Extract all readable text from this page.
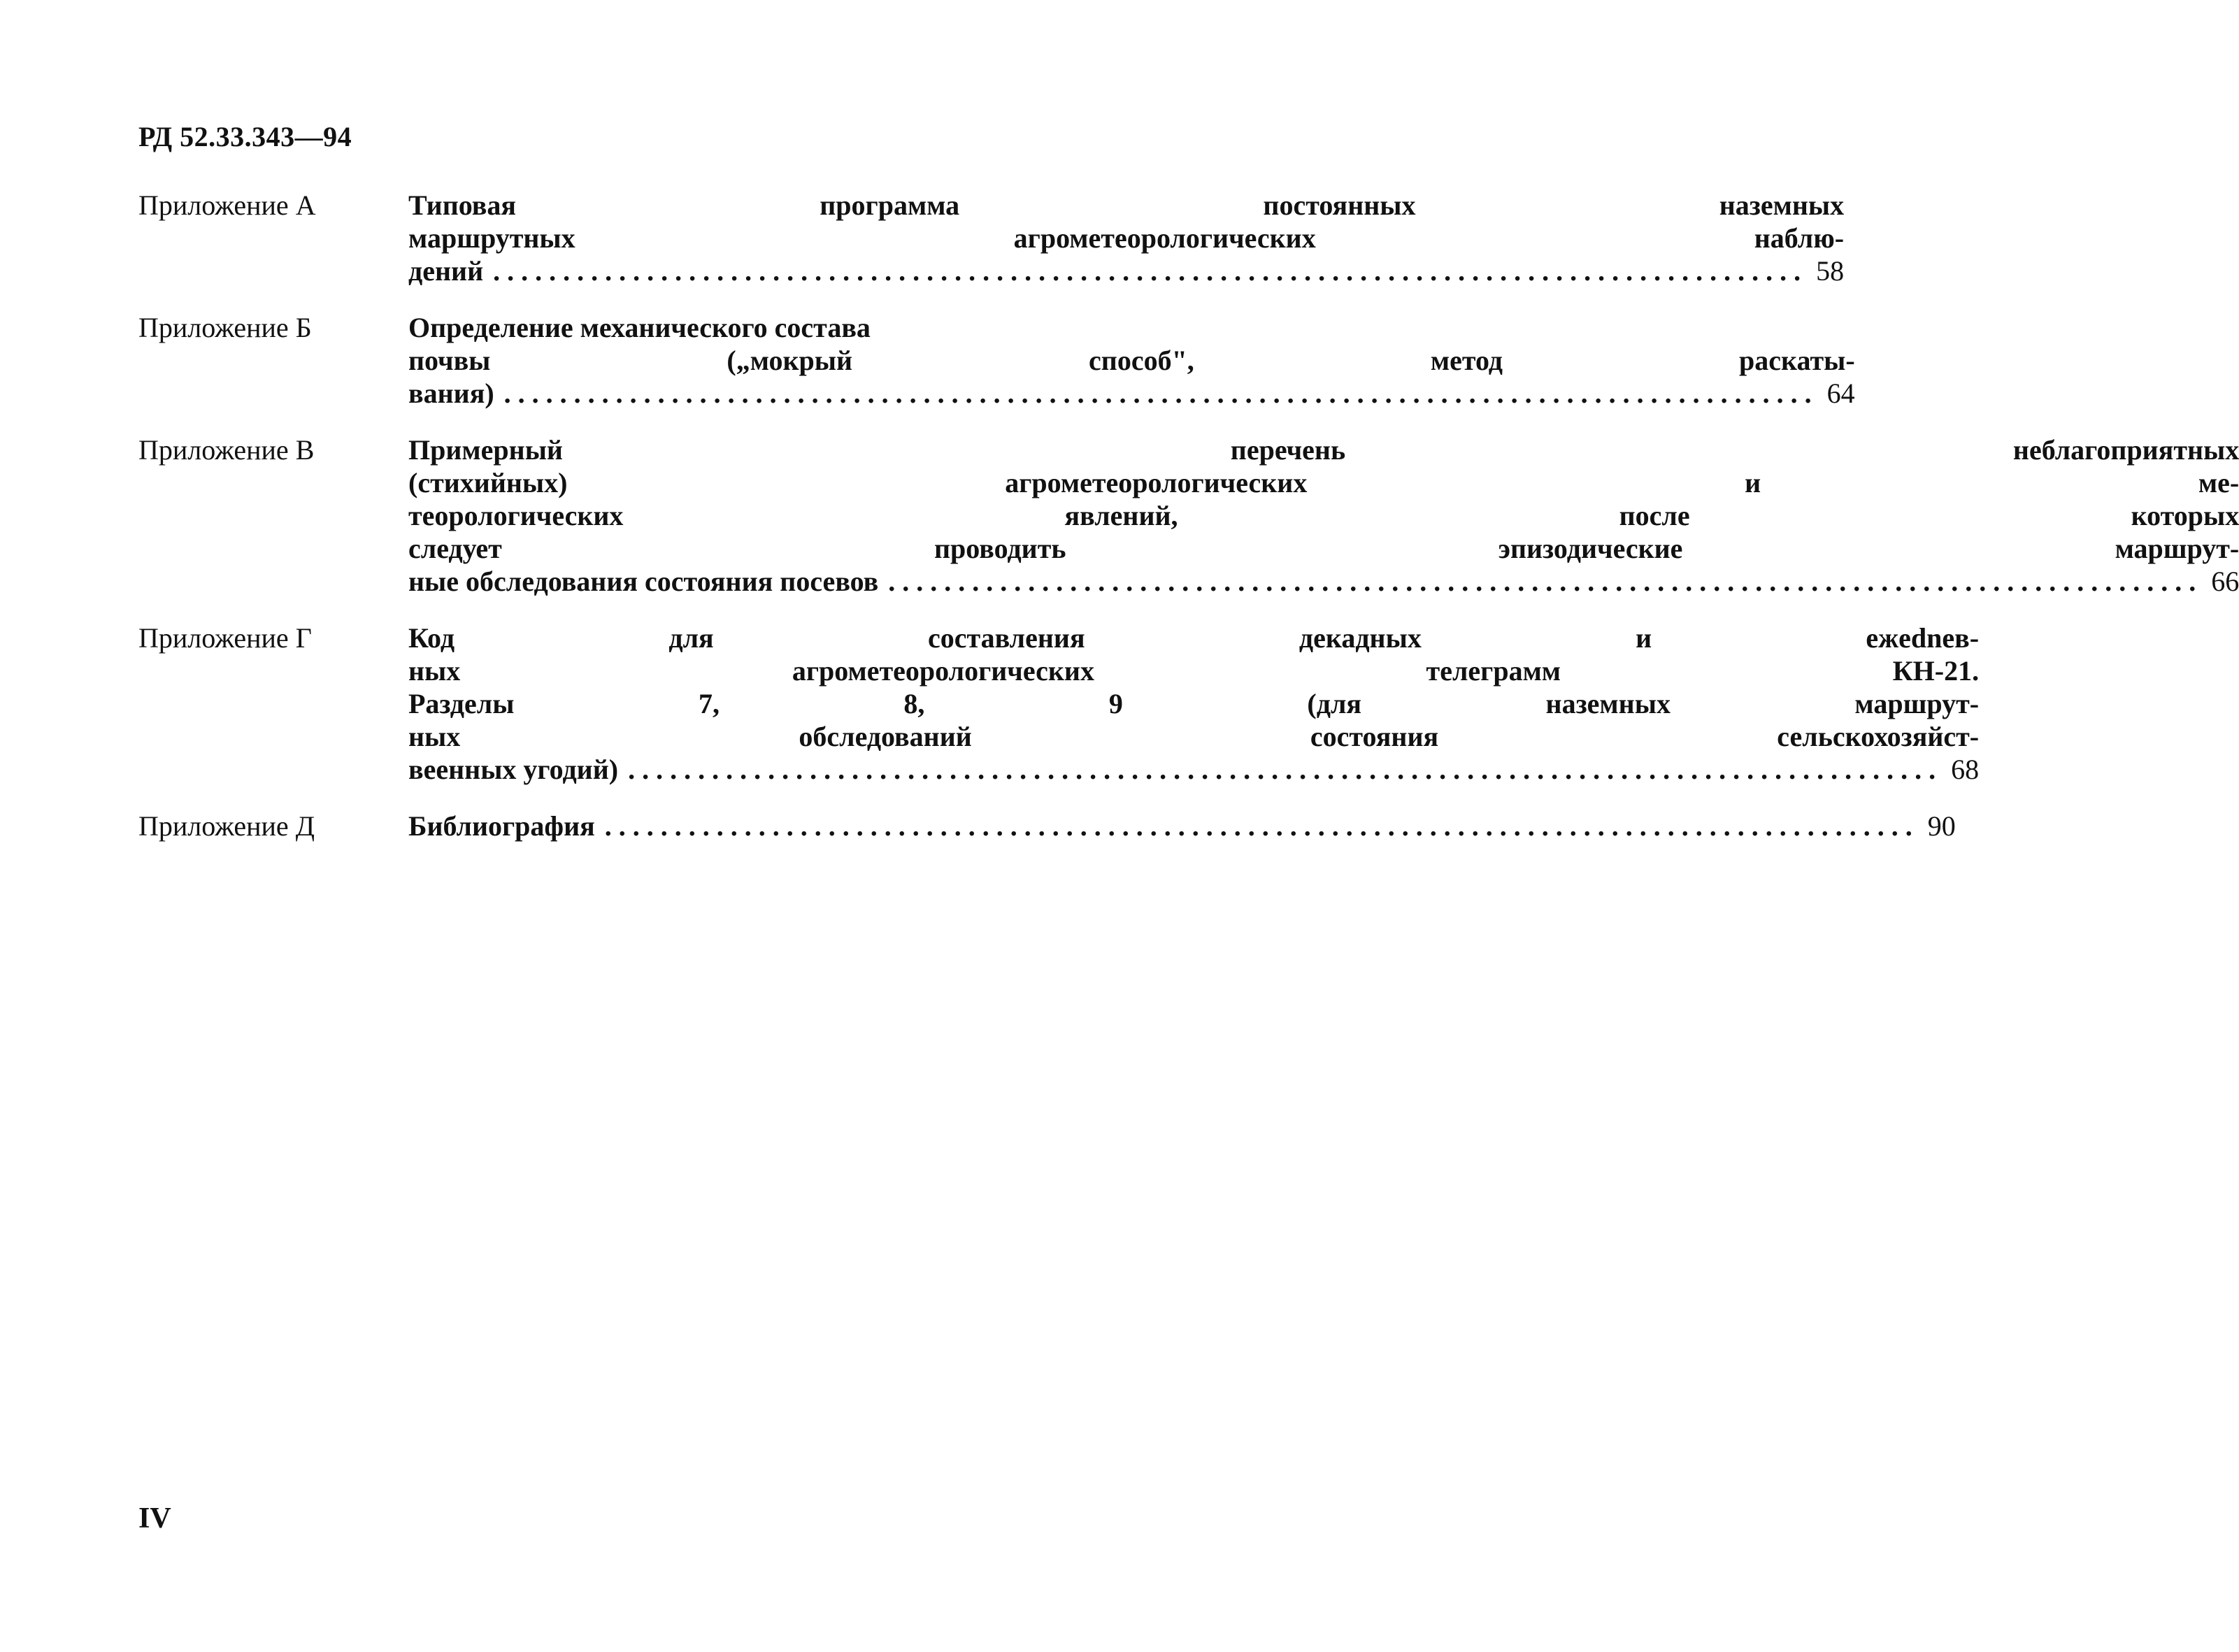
РД 52.33.343—94
Приложение А	Типовая программа постоянных наземных
маршрутных агрометеорологических наблю-
дений . . .	58
Приложение Б	Определение механического состава
почвы („мокрый способ", метод раскаты-
вания) . . .	64
Приложение В	Примерный перечень неблагоприятных
(стихийных) агрометеорологических и ме-
теорологических явлений, после которых
следует проводить эпизодические маршрут-
ные обследования состояния посевов . . .	66
Приложение Г	Код для составления декадных и ежednев-
ных агрометеорологических телеграмм КН-21.
Разделы 7, 8, 9 (для наземных маршрут-
ных обследований состояния сельскохозяйст-
веенных угодий) . . .	68
Приложение Д	Библиография . . .	90
IV
